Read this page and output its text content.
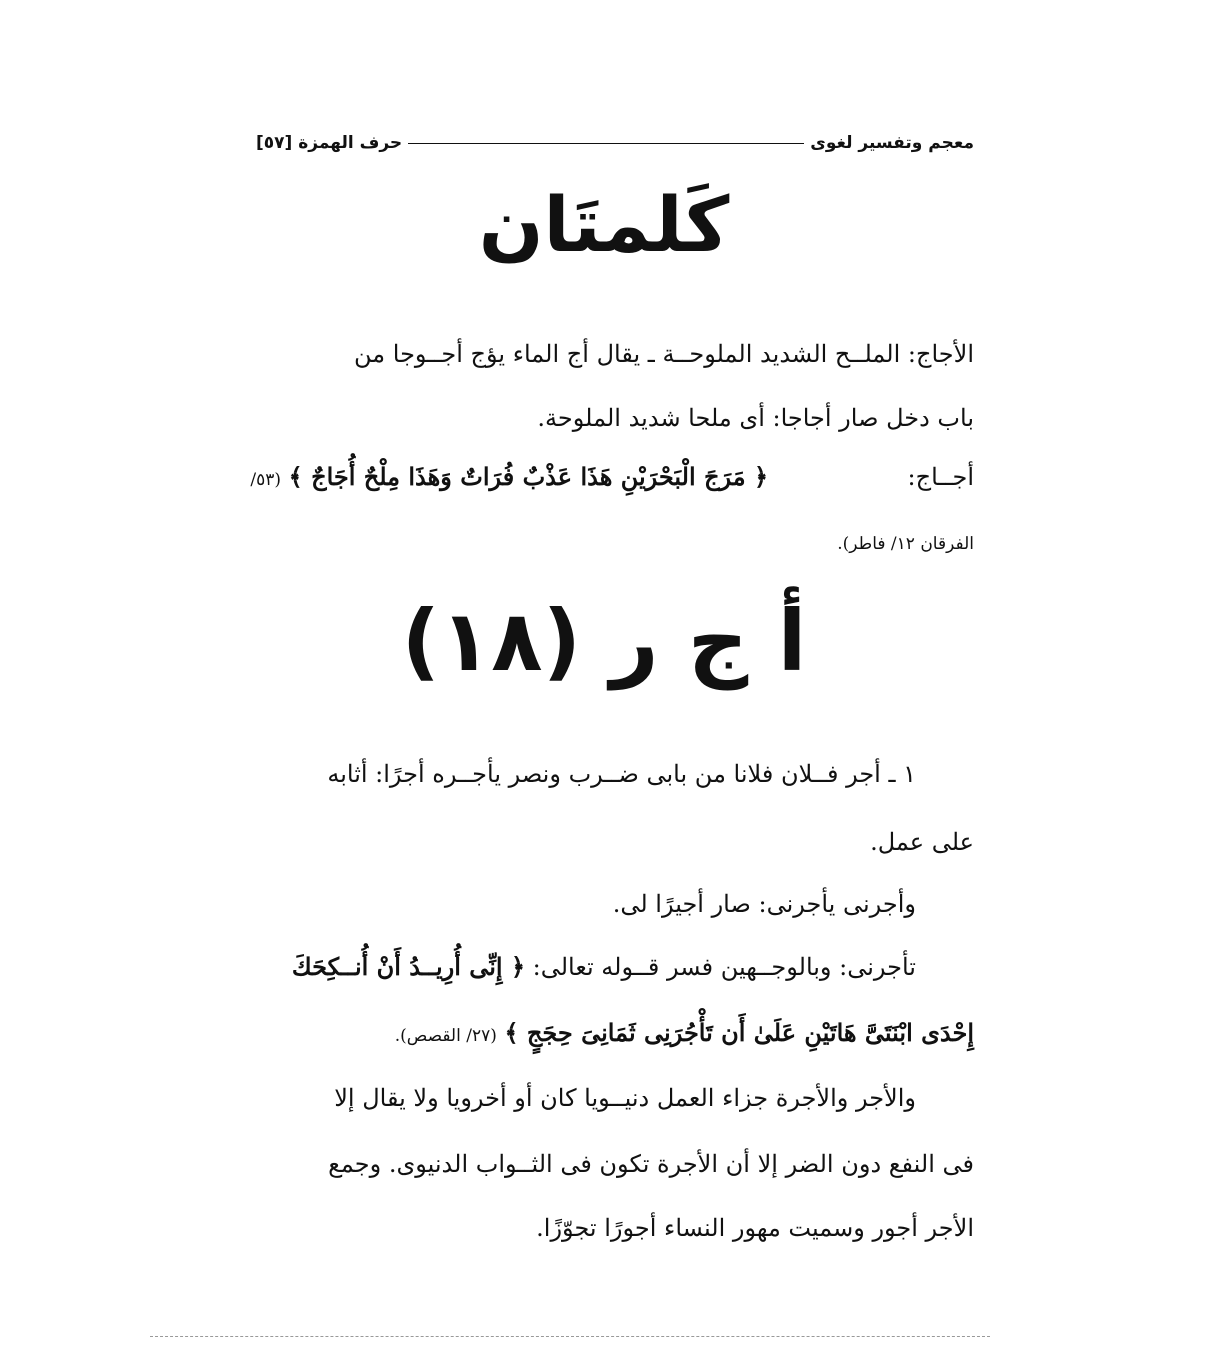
معجم وتفسير لغوى
حرف الهمزة [٥٧]
كَلمتَان
الأجاج: الملــح الشديد الملوحــة ـ يقال أج الماء يؤج أجــوجا من
باب دخل صار أجاجا: أى ملحا شديد الملوحة.
أجــاج:﴿ مَرَجَ الْبَحْرَيْنِ هَذَا عَذْبٌ فُرَاتٌ وَهَذَا مِلْحٌ أُجَاجٌ ﴾ (٥٣/
الفرقان ١٢/ فاطر).
أ ج ر (١٨)
١ ـ أجر فــلان فلانا من بابى ضــرب ونصر يأجــره أجرًا: أثابه
على عمل.
وأجرنى يأجرنى: صار أجيرًا لى.
تأجرنى: وبالوجــهين فسر قــوله تعالى: ﴿ إِنِّى أُرِيــدُ أَنْ أُنــكِحَكَ
إِحْدَى ابْنَتَىَّ هَاتَيْنِ عَلَىٰ أَن تَأْجُرَنِى ثَمَانِىَ حِجَجٍ ﴾ (٢٧/ القصص).
والأجر والأجرة جزاء العمل دنيــويا كان أو أخرويا ولا يقال إلا
فى النفع دون الضر إلا أن الأجرة تكون فى الثــواب الدنيوى. وجمع
الأجر أجور وسميت مهور النساء أجورًا تجوّزًا.
